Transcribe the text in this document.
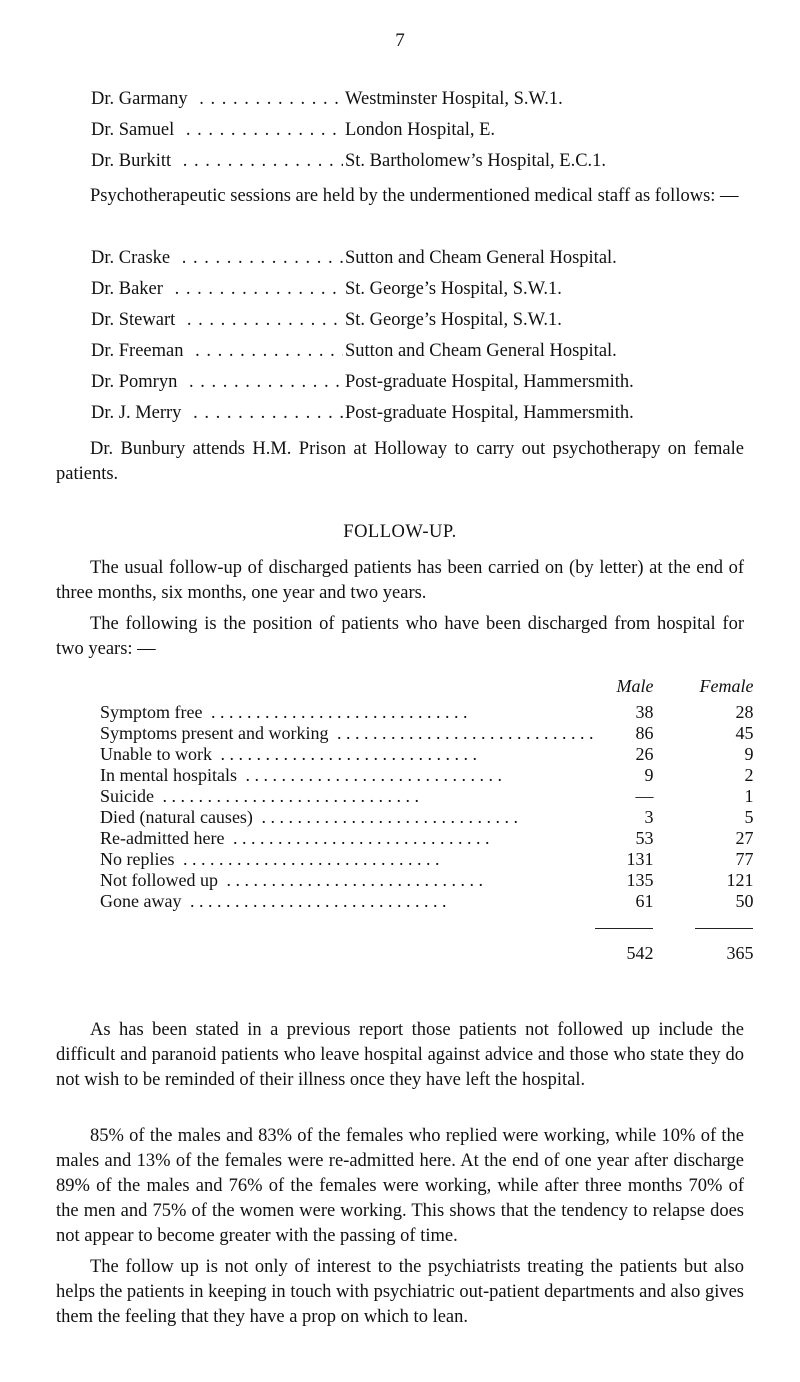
7
Dr. Garmany . . .	Westminster Hospital, S.W.1.
Dr. Samuel . . .	London Hospital, E.
Dr. Burkitt . . .	St. Bartholomew’s Hospital, E.C.1.
Psychotherapeutic sessions are held by the undermentioned medical staff as follows: —
Dr. Craske . . .	Sutton and Cheam General Hospital.
Dr. Baker . . .	St. George’s Hospital, S.W.1.
Dr. Stewart . . .	St. George’s Hospital, S.W.1.
Dr. Freeman . . .	Sutton and Cheam General Hospital.
Dr. Pomryn . . .	Post-graduate Hospital, Hammersmith.
Dr. J. Merry . . .	Post-graduate Hospital, Hammersmith.
Dr. Bunbury attends H.M. Prison at Holloway to carry out psychotherapy on female patients.
FOLLOW-UP.
The usual follow-up of discharged patients has been carried on (by letter) at the end of three months, six months, one year and two years.
The following is the position of patients who have been discharged from hospital for two years: —
	Male	Female
Symptom free . . .	38	28
Symptoms present and working . . .	86	45
Unable to work . . .	26	9
In mental hospitals . . .	9	2
Suicide . . .	—	1
Died (natural causes) . . .	3	5
Re-admitted here . . .	53	27
No replies . . .	131	77
Not followed up . . .	135	121
Gone away . . .	61	50

	542	365
As has been stated in a previous report those patients not followed up include the difficult and paranoid patients who leave hospital against advice and those who state they do not wish to be reminded of their illness once they have left the hospital.
85% of the males and 83% of the females who replied were working, while 10% of the males and 13% of the females were re-admitted here. At the end of one year after discharge 89% of the males and 76% of the females were working, while after three months 70% of the men and 75% of the women were working. This shows that the tendency to relapse does not appear to become greater with the passing of time.
The follow up is not only of interest to the psychiatrists treating the patients but also helps the patients in keeping in touch with psychiatric out-patient departments and also gives them the feeling that they have a prop on which to lean.
